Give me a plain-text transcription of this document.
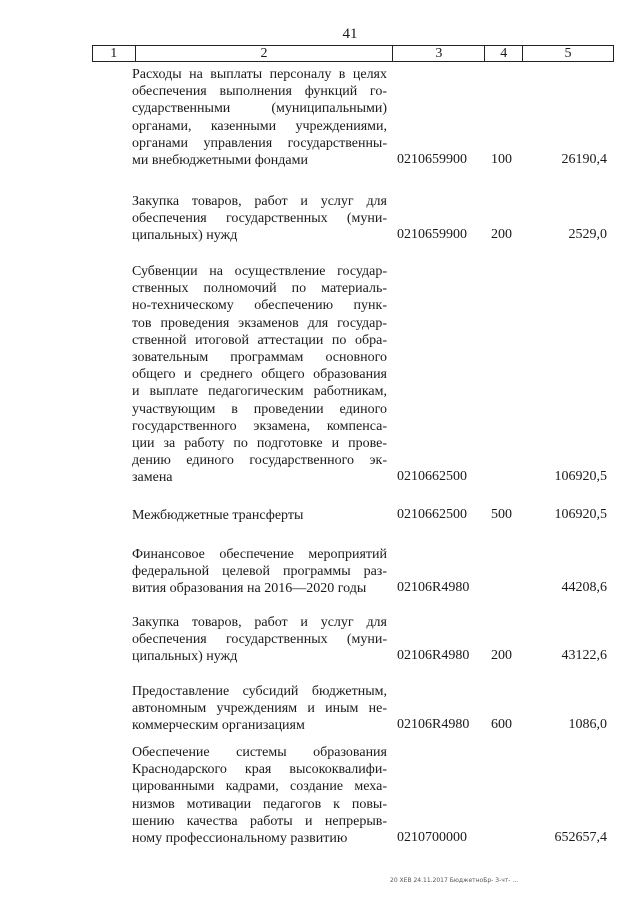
41
1	2	3	4	5
Расходы на выплаты персоналу в целях
обеспечения выполнения функций го-
сударственными (муниципальными)
органами, казенными учреждениями,
органами управления государственны-
ми внебюджетными фондами	0210659900 100	26190,4
Закупка товаров, работ и услуг для
обеспечения государственных (муни-
ципальных) нужд	0210659900 200	2529,0
Субвенции на осуществление государ-
ственных полномочий по материаль-
но-техническому обеспечению пунк-
тов проведения экзаменов для государ-
ственной итоговой аттестации по обра-
зовательным программам основного
общего и среднего общего образования
и выплате педагогическим работникам,
участвующим в проведении единого
государственного экзамена, компенса-
ции за работу по подготовке и прове-
дению единого государственного эк-
замена	0210662500	106920,5
Межбюджетные трансферты	0210662500 500	106920,5
Финансовое обеспечение мероприятий
федеральной целевой программы раз-
вития образования на 2016—2020 годы	02106R4980	44208,6
Закупка товаров, работ и услуг для
обеспечения государственных (муни-
ципальных) нужд	02106R4980 200	43122,6
Предоставление субсидий бюджетным,
автономным учреждениям и иным не-
коммерческим организациям	02106R4980 600	1086,0
Обеспечение системы образования
Краснодарского края высококвалифи-
цированными кадрами, создание меха-
низмов мотивации педагогов к повы-
шению качества работы и непрерыв-
ному профессиональному развитию	0210700000	652657,4
20 XEB 24.11.2017 БюджетноБр- 3-чт- ...
